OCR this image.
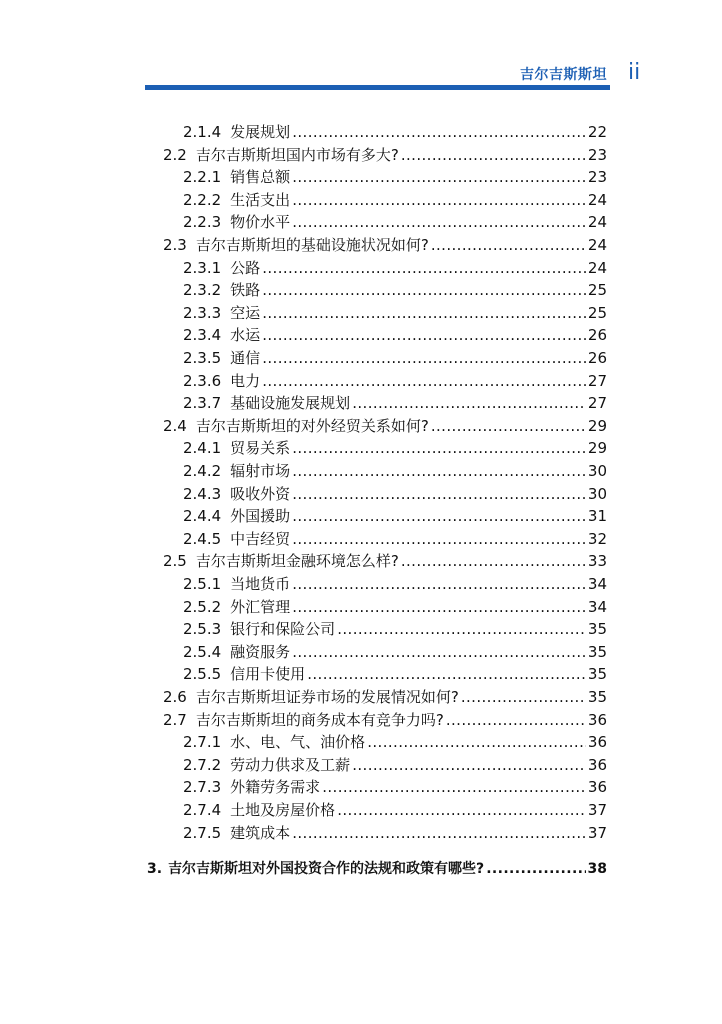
吉尔吉斯斯坦 ii
2.1.4 发展规划 .....	22
2.2 吉尔吉斯斯坦国内市场有多大? .....	23
2.2.1 销售总额 .....	23
2.2.2 生活支出 .....	24
2.2.3 物价水平 .....	24
2.3 吉尔吉斯斯坦的基础设施状况如何? .....	24
2.3.1 公路 .....	24
2.3.2 铁路 .....	25
2.3.3 空运 .....	25
2.3.4 水运 .....	26
2.3.5 通信 .....	26
2.3.6 电力 .....	27
2.3.7 基础设施发展规划 .....	27
2.4 吉尔吉斯斯坦的对外经贸关系如何? .....	29
2.4.1 贸易关系 .....	29
2.4.2 辐射市场 .....	30
2.4.3 吸收外资 .....	30
2.4.4 外国援助 .....	31
2.4.5 中吉经贸 .....	32
2.5 吉尔吉斯斯坦金融环境怎么样? .....	33
2.5.1 当地货币 .....	34
2.5.2 外汇管理 .....	34
2.5.3 银行和保险公司 .....	35
2.5.4 融资服务 .....	35
2.5.5 信用卡使用 .....	35
2.6 吉尔吉斯斯坦证券市场的发展情况如何? .....	35
2.7 吉尔吉斯斯坦的商务成本有竞争力吗? .....	36
2.7.1 水、电、气、油价格 .....	36
2.7.2 劳动力供求及工薪 .....	36
2.7.3 外籍劳务需求 .....	36
2.7.4 土地及房屋价格 .....	37
2.7.5 建筑成本 .....	37
3. 吉尔吉斯斯坦对外国投资合作的法规和政策有哪些? .....	38
